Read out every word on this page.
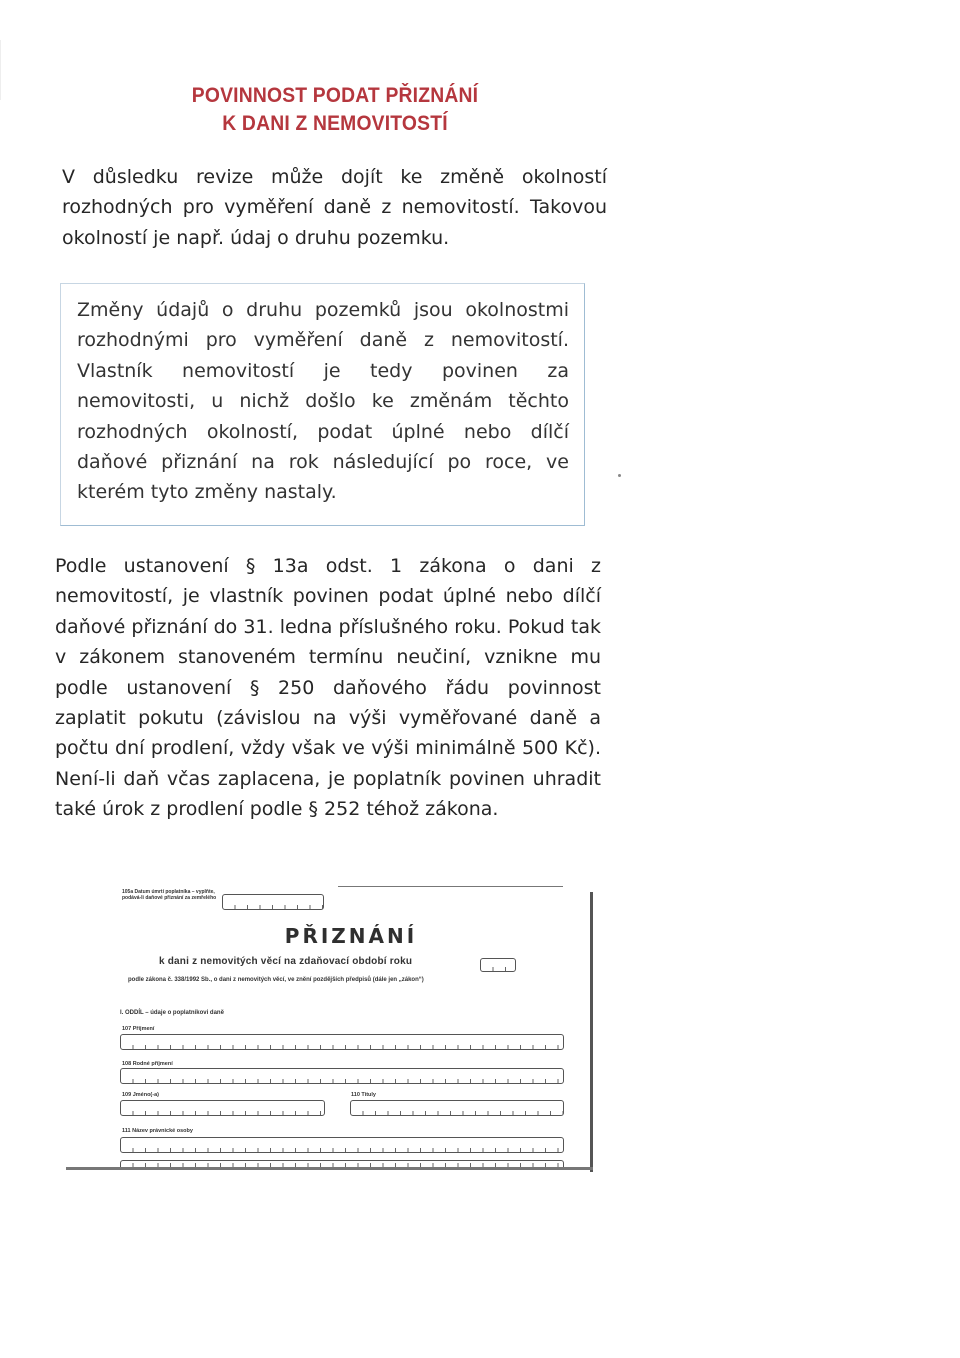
POVINNOST PODAT PŘIZNÁNÍ
K DANI Z NEMOVITOSTÍ

V důsledku revize může dojít ke změně okolností rozhodných pro vyměření daně z nemovitostí. Takovou okolností je např. údaj o druhu pozemku.

Změny údajů o druhu pozemků jsou okolnostmi rozhodnými pro vyměření daně z nemovitostí. Vlastník nemovitostí je tedy povinen za nemovitosti, u nichž došlo ke změnám těchto rozhodných okolností, podat úplné nebo dílčí daňové přiznání na rok následující po roce, ve kterém tyto změny nastaly.

Podle ustanovení § 13a odst. 1 zákona o dani z nemovitostí, je vlastník povinen podat úplné nebo dílčí daňové přiznání do 31. ledna příslušného roku. Pokud tak v zákonem stanoveném termínu neučiní, vznikne mu podle ustanovení § 250 daňového řádu povinnost zaplatit pokutu (závislou na výši vyměřované daně a počtu dní prodlení, vždy však ve výši minimálně 500 Kč). Není-li daň včas zaplacena, je poplatník povinen uhradit také úrok z prodlení podle § 252 téhož zákona.

105a Datum úmrtí poplatníka – vyplňte, podává-li daňové přiznání za zemřelého
PŘIZNÁNÍ
k dani z nemovitých věcí na zdaňovací období roku
podle zákona č. 338/1992 Sb., o dani z nemovitých věcí, ve znění pozdějších předpisů (dále jen „zákon“)
I. ODDÍL – údaje o poplatníkovi daně
107 Příjmení
108 Rodné příjmení
109 Jméno(-a)	110 Tituly
111 Název právnické osoby
